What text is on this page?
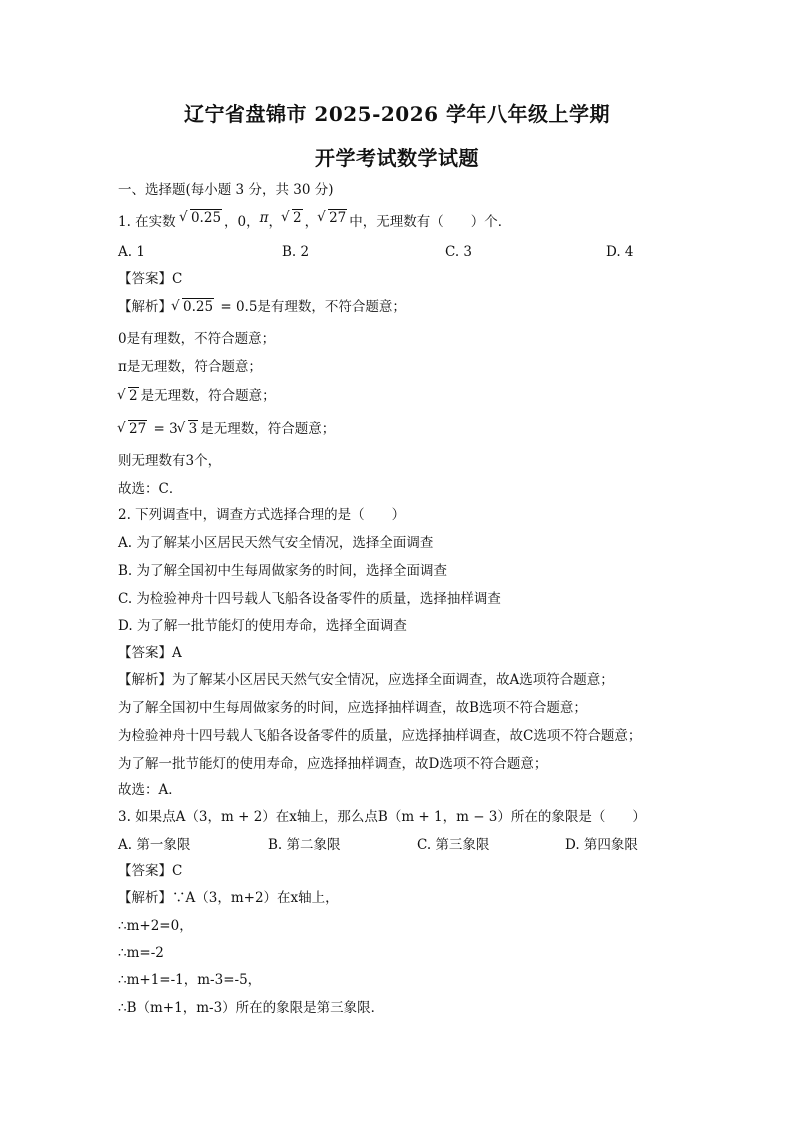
辽宁省盘锦市 2025-2026 学年八年级上学期
开学考试数学试题
一、选择题(每小题 3 分，共 30 分)
1. 在实数 √ 0.25 ，0，π， √ 2 ， √ 27 中，无理数有（　　）个．
A. 1	B. 2	C. 3	D. 4
【答案】C
【解析】 √ 0.25 = 0.5是有理数，不符合题意；
0是有理数，不符合题意；
π是无理数，符合题意；
√ 2 是无理数，符合题意；
√ 27 = 3 √ 3 是无理数，符合题意；
则无理数有3个，
故选：C．
2. 下列调查中，调查方式选择合理的是（　　）
A. 为了解某小区居民天然气安全情况，选择全面调查
B. 为了解全国初中生每周做家务的时间，选择全面调查
C. 为检验神舟十四号载人飞船各设备零件的质量，选择抽样调查
D. 为了解一批节能灯的使用寿命，选择全面调查
【答案】A
【解析】为了解某小区居民天然气安全情况，应选择全面调查，故A选项符合题意；
为了解全国初中生每周做家务的时间，应选择抽样调查，故B选项不符合题意；
为检验神舟十四号载人飞船各设备零件的质量，应选择抽样调查，故C选项不符合题意；
为了解一批节能灯的使用寿命，应选择抽样调查，故D选项不符合题意；
故选：A．
3. 如果点A（3，m + 2）在x轴上，那么点B（m + 1，m − 3）所在的象限是（　　）
A. 第一象限	B. 第二象限	C. 第三象限	D. 第四象限
【答案】C
【解析】∵A（3，m+2）在x轴上，
∴m+2=0，
∴m=-2
∴m+1=-1，m-3=-5，
∴B（m+1，m-3）所在的象限是第三象限．
